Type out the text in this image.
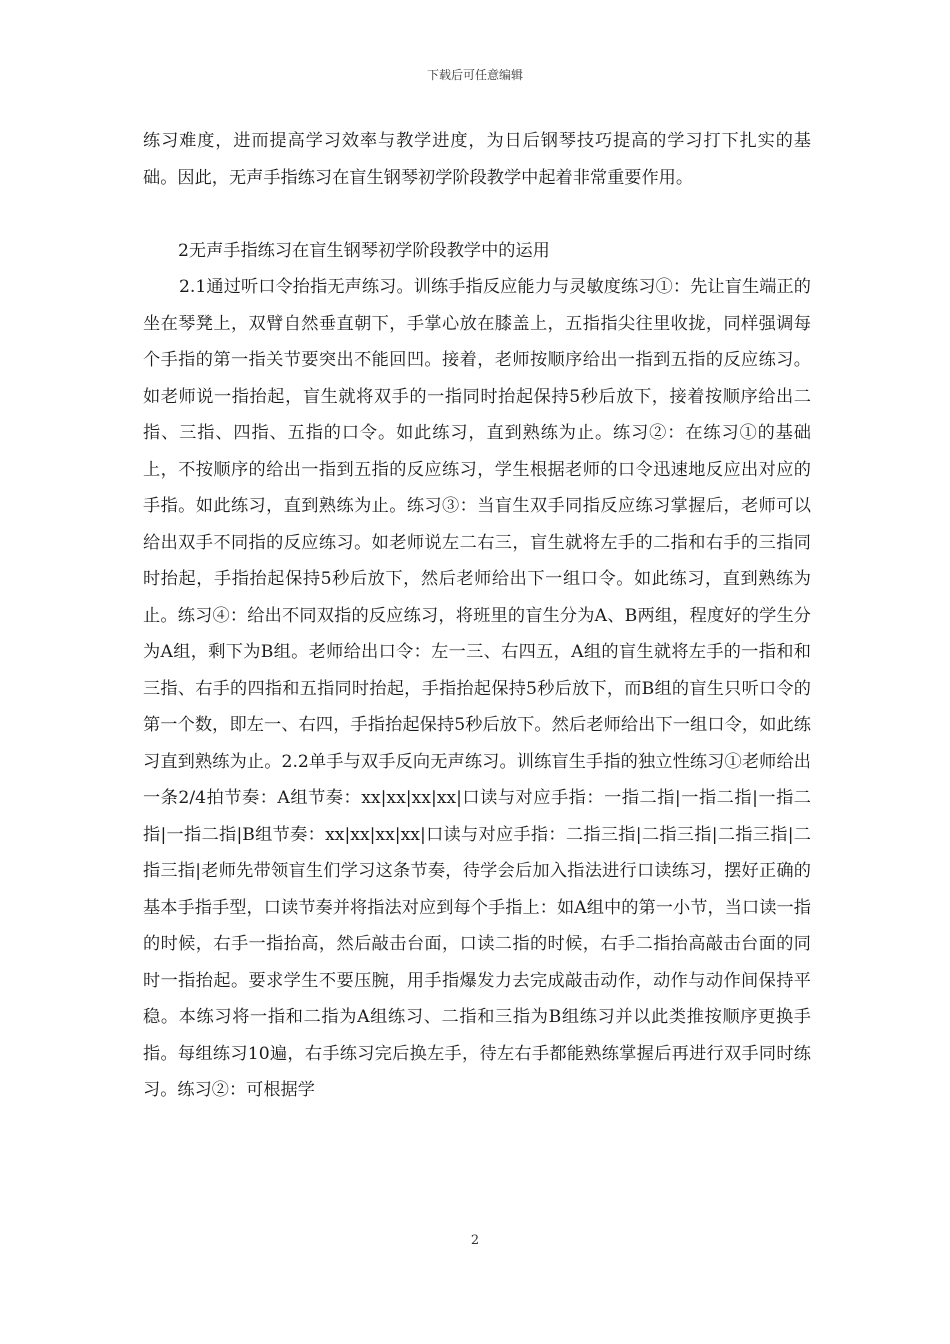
下载后可任意编辑

练习难度，进而提高学习效率与教学进度，为日后钢琴技巧提高的学习打下扎实的基础。因此，无声手指练习在盲生钢琴初学阶段教学中起着非常重要作用。

2无声手指练习在盲生钢琴初学阶段教学中的运用

2.1通过听口令抬指无声练习。训练手指反应能力与灵敏度练习①：先让盲生端正的坐在琴凳上，双臂自然垂直朝下，手掌心放在膝盖上，五指指尖往里收拢，同样强调每个手指的第一指关节要突出不能回凹。接着，老师按顺序给出一指到五指的反应练习。如老师说一指抬起，盲生就将双手的一指同时抬起保持5秒后放下，接着按顺序给出二指、三指、四指、五指的口令。如此练习，直到熟练为止。练习②：在练习①的基础上，不按顺序的给出一指到五指的反应练习，学生根据老师的口令迅速地反应出对应的手指。如此练习，直到熟练为止。练习③：当盲生双手同指反应练习掌握后，老师可以给出双手不同指的反应练习。如老师说左二右三，盲生就将左手的二指和右手的三指同时抬起，手指抬起保持5秒后放下，然后老师给出下一组口令。如此练习，直到熟练为止。练习④：给出不同双指的反应练习，将班里的盲生分为A、B两组，程度好的学生分为A组，剩下为B组。老师给出口令：左一三、右四五，A组的盲生就将左手的一指和和三指、右手的四指和五指同时抬起，手指抬起保持5秒后放下，而B组的盲生只听口令的第一个数，即左一、右四，手指抬起保持5秒后放下。然后老师给出下一组口令，如此练习直到熟练为止。2.2单手与双手反向无声练习。训练盲生手指的独立性练习①老师给出一条2/4拍节奏：A组节奏：xx|xx|xx|xx|口读与对应手指：一指二指|一指二指|一指二指|一指二指|B组节奏：xx|xx|xx|xx|口读与对应手指：二指三指|二指三指|二指三指|二指三指|老师先带领盲生们学习这条节奏，待学会后加入指法进行口读练习，摆好正确的基本手指手型，口读节奏并将指法对应到每个手指上：如A组中的第一小节，当口读一指的时候，右手一指抬高，然后敲击台面，口读二指的时候，右手二指抬高敲击台面的同时一指抬起。要求学生不要压腕，用手指爆发力去完成敲击动作，动作与动作间保持平稳。本练习将一指和二指为A组练习、二指和三指为B组练习并以此类推按顺序更换手指。每组练习10遍，右手练习完后换左手，待左右手都能熟练掌握后再进行双手同时练习。练习②：可根据学

2
